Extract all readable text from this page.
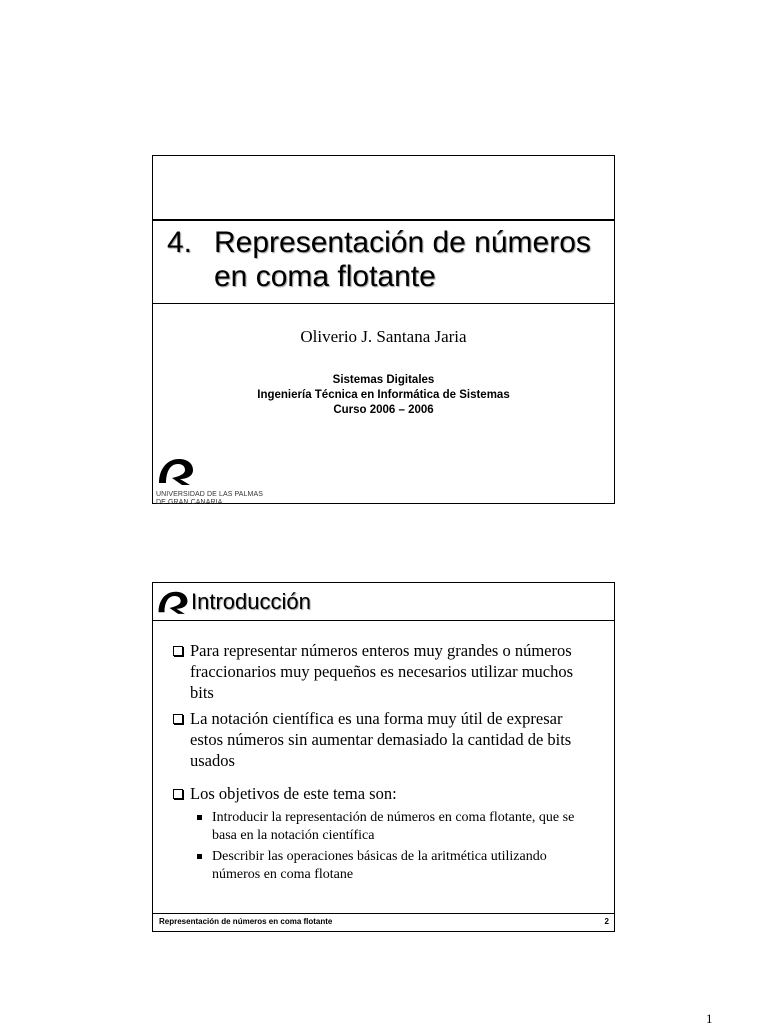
4. Representación de números
en coma flotante
Oliverio J. Santana Jaria
Sistemas Digitales
Ingeniería Técnica en Informática de Sistemas
Curso 2006 – 2006
UNIVERSIDAD DE LAS PALMAS
DE GRAN CANARIA
Introducción
Para representar números enteros muy grandes o números fraccionarios muy pequeños es necesarios utilizar muchos bits
La notación científica es una forma muy útil de expresar estos números sin aumentar demasiado la cantidad de bits usados
Los objetivos de este tema son:
Introducir la representación de números en coma flotante, que se basa en la notación científica
Describir las operaciones básicas de la aritmética utilizando números en coma flotane
Representación de números en coma flotante	2
1
